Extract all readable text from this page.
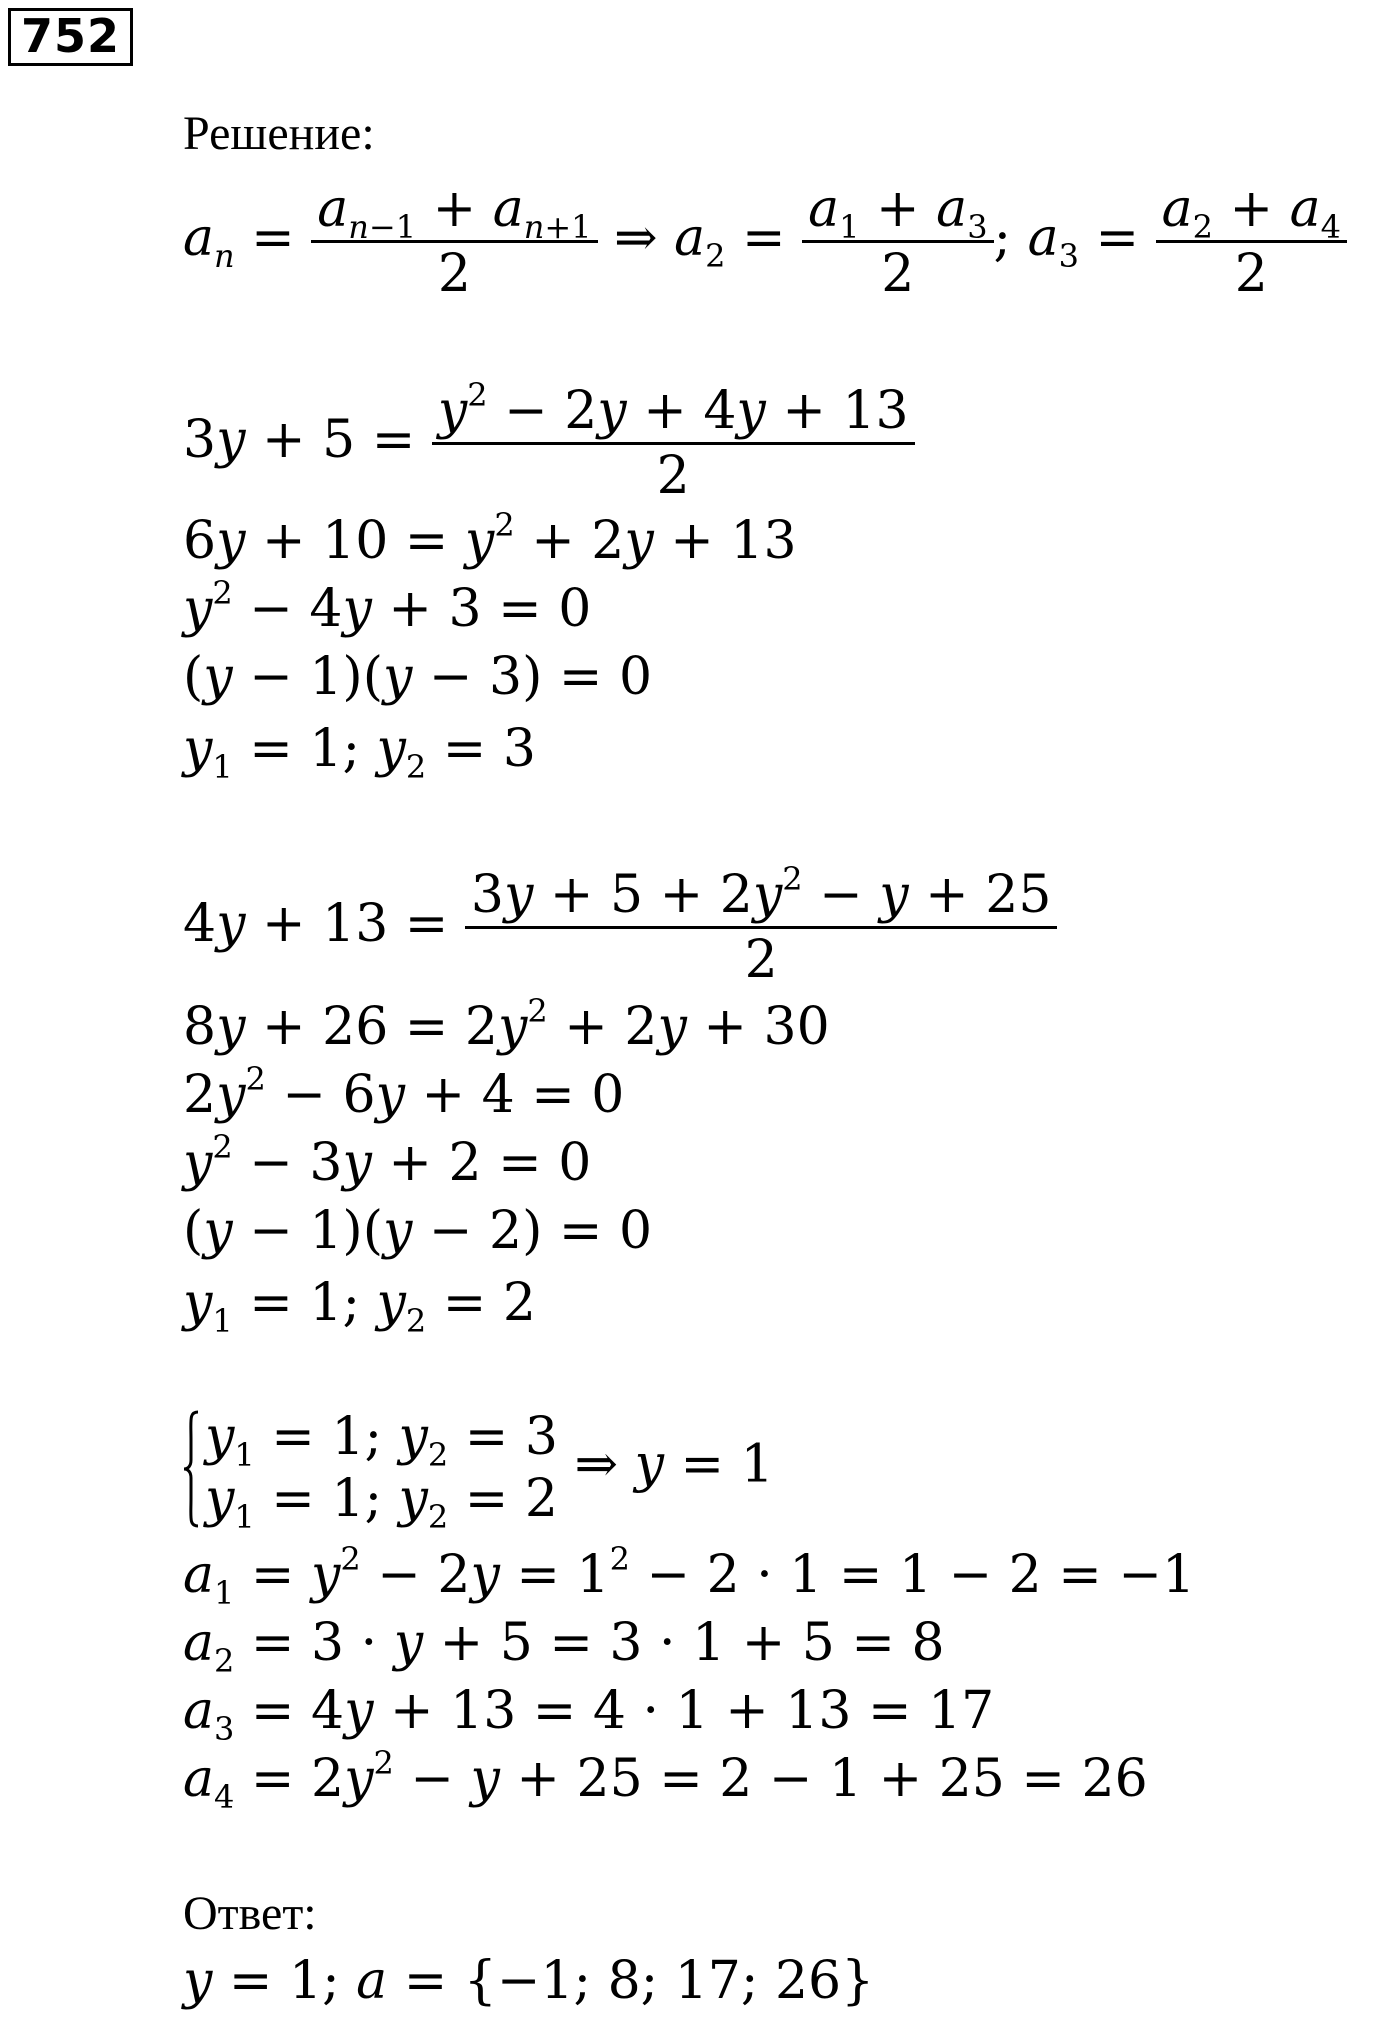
752
Решение:
$a_n = \frac{a_{n-1} + a_{n+1}}{2}$ ⇒ $a_2 = \frac{a_1 + a_3}{2}$ ; $a_3 = \frac{a_2 + a_4}{2}$
$3y + 5 = \frac{y^2 - 2y + 4y + 13}{2}$
$6y + 10 = y^2 + 2y + 13$
$y^2 - 4y + 3 = 0$
(y − 1)(y − 3) = 0
$y_1 = 1$; $y_2 = 3$
$4y + 13 = \frac{3y + 5 + 2y^2 - y + 25}{2}$
$8y + 26 = 2y^2 + 2y + 30$
$2y^2 - 6y + 4 = 0$
$y^2 - 3y + 2 = 0$
(y − 1)(y − 2) = 0
$y_1 = 1$; $y_2 = 2$
$y_1 = 1$; $y_2 = 3$
$y_1 = 1$; $y_2 = 2$
⇒ y = 1
$a_1 = y^2 - 2y = 1^2 - 2 \cdot 1 = 1 - 2 = -1$
$a_2 = 3 \cdot y + 5 = 3 \cdot 1 + 5 = 8$
$a_3 = 4y + 13 = 4 \cdot 1 + 13 = 17$
$a_4 = 2y^2 - y + 25 = 2 - 1 + 25 = 26$
Ответ:
y = 1; a = {−1; 8; 17; 26}
